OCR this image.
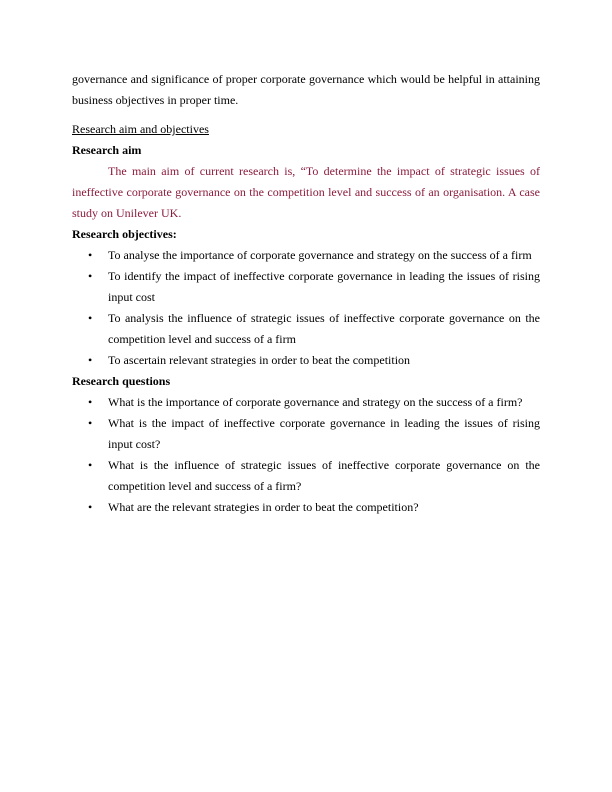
governance and significance of proper corporate governance which would be helpful in attaining business objectives in proper time.

Research aim and objectives

Research aim

The main aim of current research is, “To determine the impact of strategic issues of ineffective corporate governance on the competition level and success of an organisation. A case study on Unilever UK.

Research objectives:

• To analyse the importance of corporate governance and strategy on the success of a firm
• To identify the impact of ineffective corporate governance in leading the issues of rising input cost
• To analysis the influence of strategic issues of ineffective corporate governance on the competition level and success of a firm
• To ascertain relevant strategies in order to beat the competition

Research questions

• What is the importance of corporate governance and strategy on the success of a firm?
• What is the impact of ineffective corporate governance in leading the issues of rising input cost?
• What is the influence of strategic issues of ineffective corporate governance on the competition level and success of a firm?
• What are the relevant strategies in order to beat the competition?
